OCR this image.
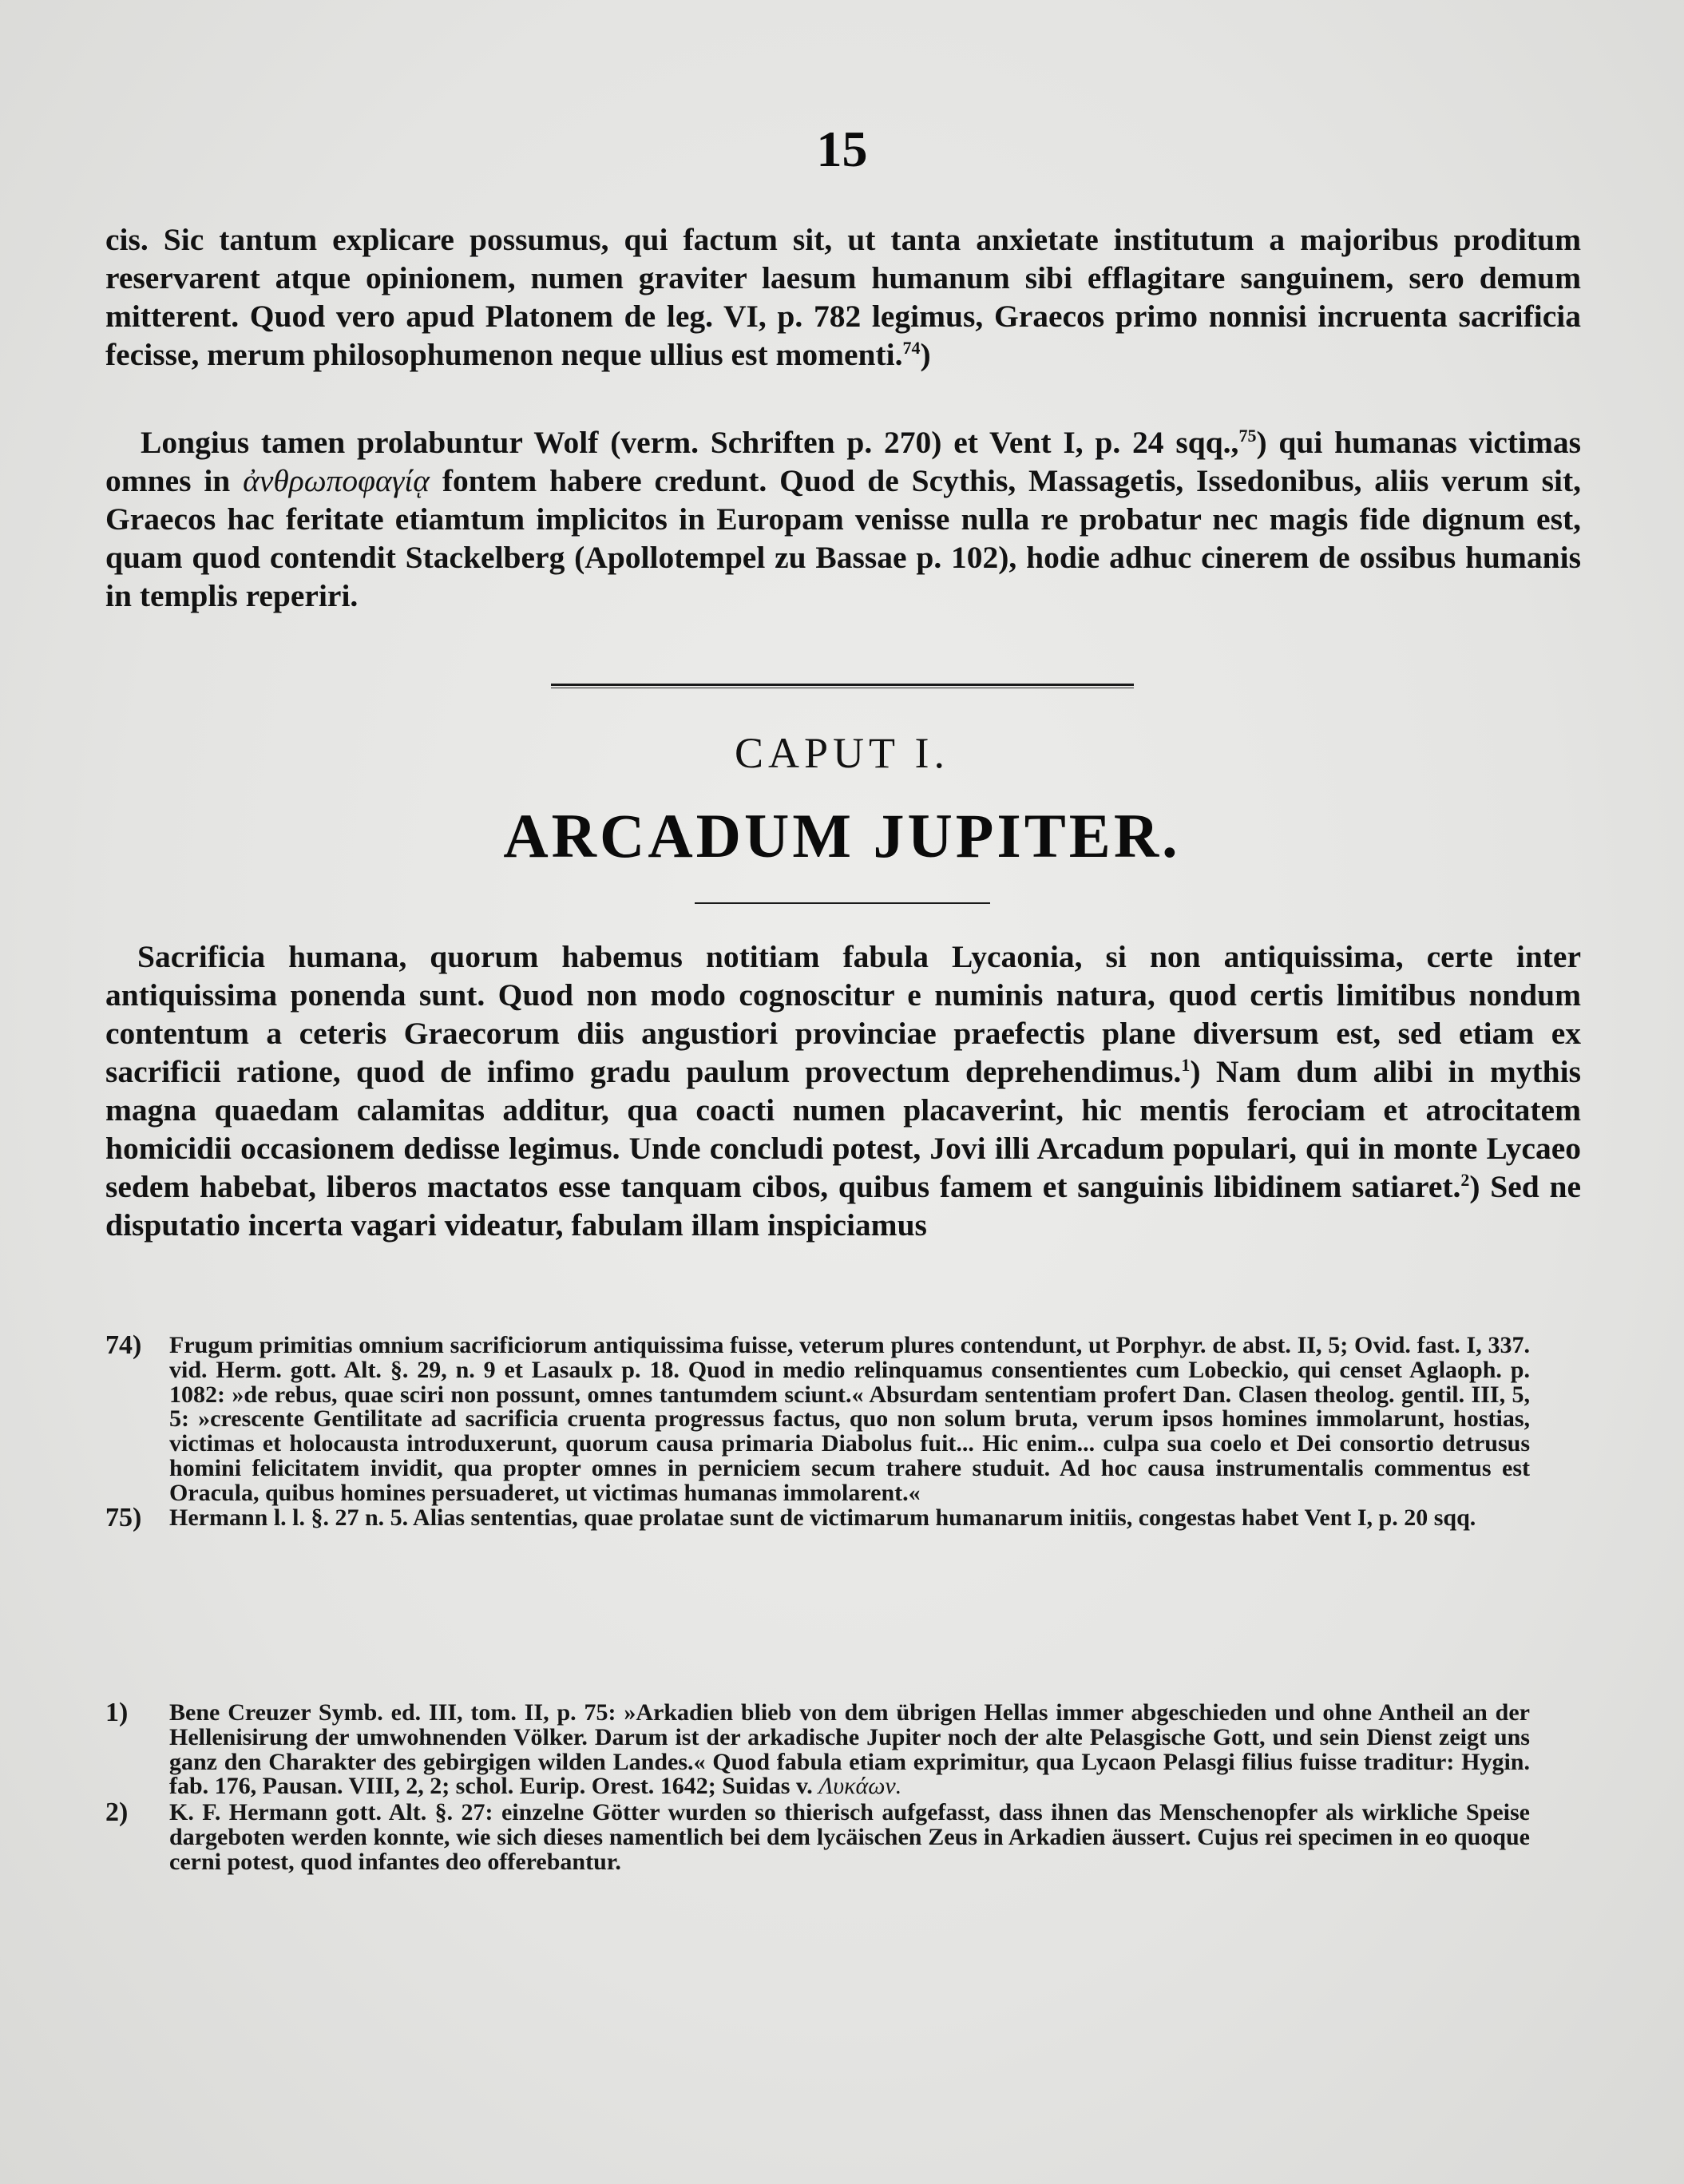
15

cis. Sic tantum explicare possumus, qui factum sit, ut tanta anxietate institutum a majoribus proditum reservarent atque opinionem, numen graviter laesum humanum sibi efflagitare sanguinem, sero demum mitterent. Quod vero apud Platonem de leg. VI, p. 782 legimus, Graecos primo nonnisi incruenta sacrificia fecisse, merum philosophumenon neque ullius est momenti.$^{74}$)

Longius tamen prolabuntur Wolf (verm. Schriften p. 270) et Vent I, p. 24 sqq.,$^{75}$) qui humanas victimas omnes in ἀνθρωποφαγίᾳ fontem habere credunt. Quod de Scythis, Massagetis, Issedonibus, aliis verum sit, Graecos hac feritate etiamtum implicitos in Europam venisse nulla re probatur nec magis fide dignum est, quam quod contendit Stackelberg (Apollotempel zu Bassae p. 102), hodie adhuc cinerem de ossibus humanis in templis reperiri.

CAPUT I.
ARCADUM JUPITER.

Sacrificia humana, quorum habemus notitiam fabula Lycaonia, si non antiquissima, certe inter antiquissima ponenda sunt. Quod non modo cognoscitur e numinis natura, quod certis limitibus nondum contentum a ceteris Graecorum diis angustiori provinciae praefectis plane diversum est, sed etiam ex sacrificii ratione, quod de infimo gradu paulum provectum deprehendimus.$^1$) Nam dum alibi in mythis magna quaedam calamitas additur, qua coacti numen placaverint, hic mentis ferociam et atrocitatem homicidii occasionem dedisse legimus. Unde concludi potest, Jovi illi Arcadum populari, qui in monte Lycaeo sedem habebat, liberos mactatos esse tanquam cibos, quibus famem et sanguinis libidinem satiaret.$^2$) Sed ne disputatio incerta vagari videatur, fabulam illam inspiciamus

74) Frugum primitias omnium sacrificiorum antiquissima fuisse, veterum plures contendunt, ut Porphyr. de abst. II, 5; Ovid. fast. I, 337. vid. Herm. gott. Alt. §. 29, n. 9 et Lasaulx p. 18. Quod in medio relinquamus consentientes cum Lobeckio, qui censet Aglaoph. p. 1082: »de rebus, quae sciri non possunt, omnes tantumdem sciunt.« Absurdam sententiam profert Dan. Clasen theolog. gentil. III, 5, 5: »crescente Gentilitate ad sacrificia cruenta progressus factus, quo non solum bruta, verum ipsos homines immolarunt, hostias, victimas et holocausta introduxerunt, quorum causa primaria Diabolus fuit... Hic enim... culpa sua coelo et Dei consortio detrusus homini felicitatem invidit, qua propter omnes in perniciem secum trahere studuit. Ad hoc causa instrumentalis commentus est Oracula, quibus homines persuaderet, ut victimas humanas immolarent.«
75) Hermann l. l. §. 27 n. 5. Alias sententias, quae prolatae sunt de victimarum humanarum initiis, congestas habet Vent I, p. 20 sqq.
1) Bene Creuzer Symb. ed. III, tom. II, p. 75: »Arkadien blieb von dem übrigen Hellas immer abgeschieden und ohne Antheil an der Hellenisirung der umwohnenden Völker. Darum ist der arkadische Jupiter noch der alte Pelasgische Gott, und sein Dienst zeigt uns ganz den Charakter des gebirgigen wilden Landes.« Quod fabula etiam exprimitur, qua Lycaon Pelasgi filius fuisse traditur: Hygin. fab. 176, Pausan. VIII, 2, 2; schol. Eurip. Orest. 1642; Suidas v. Λυκάων.
2) K. F. Hermann gott. Alt. §. 27: einzelne Götter wurden so thierisch aufgefasst, dass ihnen das Menschenopfer als wirkliche Speise dargeboten werden konnte, wie sich dieses namentlich bei dem lycäischen Zeus in Arkadien äussert. Cujus rei specimen in eo quoque cerni potest, quod infantes deo offerebantur.
